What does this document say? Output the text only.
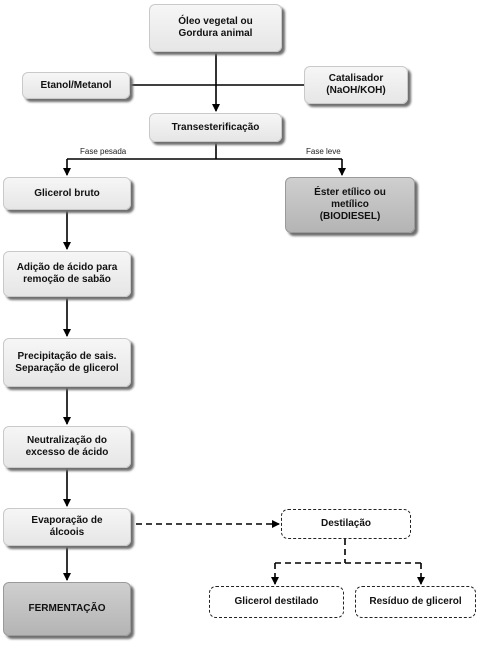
Óleo vegetal ou
Gordura animal
Etanol/Metanol
Catalisador
(NaOH/KOH)
Transesterificação
Fase pesada	Fase leve
Glicerol bruto	Éster etílico ou
metílico
(BIODIESEL)
Adição de ácido para
remoção de sabão
Precipitação de sais.
Separação de glicerol
Neutralização do
excesso de ácido
Evaporação de
álcoois
FERMENTAÇÃO
Destilação
Glicerol destilado	Resíduo de glicerol
